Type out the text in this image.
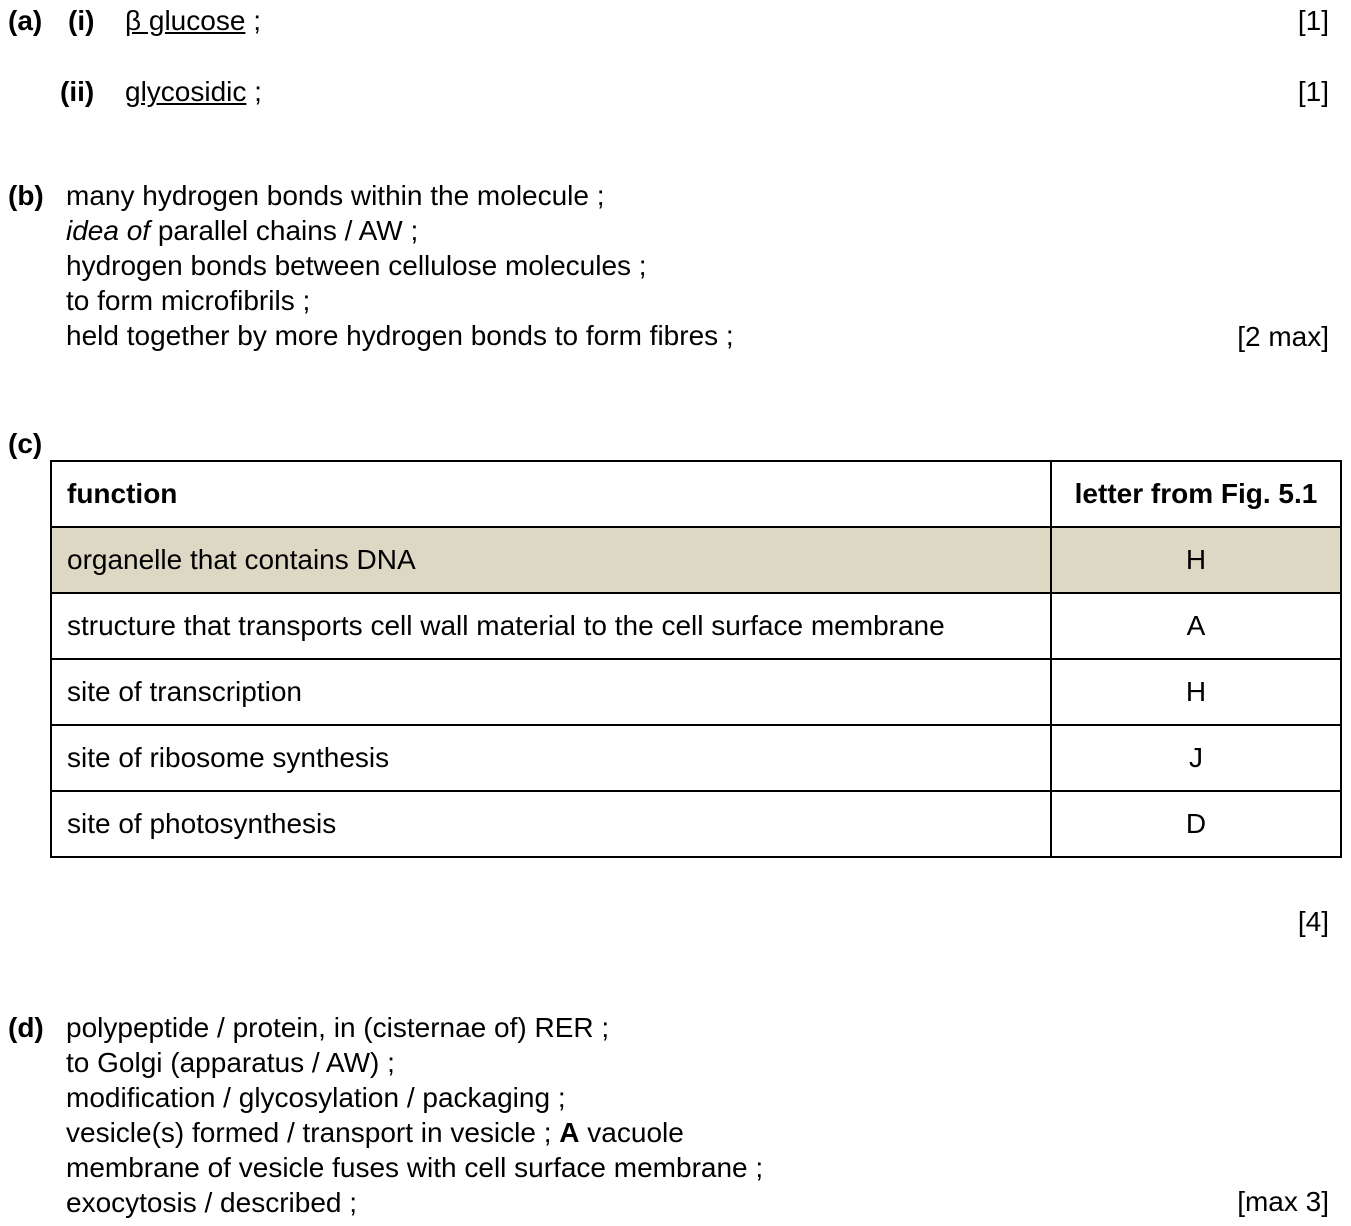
(a) (i) β glucose ;	[1]
(ii) glycosidic ;	[1]
(b) many hydrogen bonds within the molecule ;
idea of parallel chains / AW ;
hydrogen bonds between cellulose molecules ;
to form microfibrils ;
held together by more hydrogen bonds to form fibres ;	[2 max]
(c)
function	letter from Fig. 5.1
organelle that contains DNA	H
structure that transports cell wall material to the cell surface membrane	A
site of transcription	H
site of ribosome synthesis	J
site of photosynthesis	D
[4]
(d) polypeptide / protein, in (cisternae of) RER ;
to Golgi (apparatus / AW) ;
modification / glycosylation / packaging ;
vesicle(s) formed / transport in vesicle ; A vacuole
membrane of vesicle fuses with cell surface membrane ;
exocytosis / described ;	[max 3]
